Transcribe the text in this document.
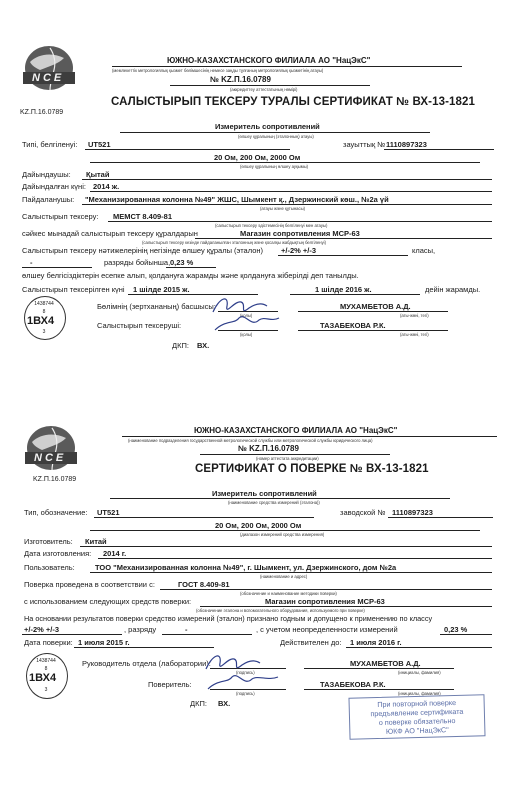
NCE
KZ.П.16.0789
ЮЖНО-КАЗАХСТАНСКОГО ФИЛИАЛА АО "НацЭкС"
(мемлекеттік метрологиялық қызмет бөлімшесінің немесе заңды тұлғаның метрологиялық қызметінің атауы)
№ KZ.П.16.0789
(аккредиттеу аттестатының нөмірі)
САЛЫСТЫРЫП ТЕКСЕРУ ТУРАЛЫ СЕРТИФИКАТ № ВХ-13-1821
Измеритель сопротивлений
(өлшеу құралының (эталонның) атауы)
Типі, белгіленуі: UT521	зауыттық № 1110897323
20 Ом, 200 Ом, 2000 Ом
(өлшеу құралының өлшеу ауқымы)
Дайындаушы: Қытай
Дайындалған күні: 2014 ж.
Пайдаланушы: "Механизированная колонна №49" ЖШС, Шымкент қ., Дзержинский көш., №2а үй
(атауы және құтынасы)
Салыстырып тексеру: МЕМСТ 8.409-81
(салыстырып тексеру әдістемесінің белгіленуі мен атауы)
сәйкес мынадай салыстырып тексеру құралдарын	Магазин сопротивления МСР-63
(салыстырып тексеру кезінде пайдаланылған эталонның және қосалқы жабдықтың белгіленуі)
Салыстырып тексеру нәтижелерінің негізінде өлшеу құралы (эталон) +/-2% +/-3	класы,
-	разряды бойынша, 0,23 %
өлшеу белгісіздіктерін есепке алып, қолдануға жарамды және қолдануға жіберілді деп танылды.
Салыстырып тексерілген күні 1 шілде 2015 ж.	1 шілде 2016 ж.	дейін жарамды.
1438744
8
1ВХ4
3
Бөлімнің (зертхананың) басшысы:
(қолы)
МУХАМБЕТОВ А.Д.
(аты-жөні, тегі)
Салыстырып тексеруші:
(қолы)
ТАЗАБЕКОВА Р.К.
(аты-жөні, тегі)
ДКП: ВХ.
NCE
KZ.П.16.0789
ЮЖНО-КАЗАХСТАНСКОГО ФИЛИАЛА АО "НацЭкС"
(наименование подразделения государственной метрологической службы или метрологической службы юридического лица)
№ KZ.П.16.0789
(номер аттестата аккредитации)
СЕРТИФИКАТ О ПОВЕРКЕ № ВХ-13-1821
Измеритель сопротивлений
(наименование средства измерений (эталона))
Тип, обозначение: UT521	заводской № 1110897323
20 Ом, 200 Ом, 2000 Ом
(диапазон измерений средства измерения)
Изготовитель: Китай
Дата изготовления: 2014 г.
Пользователь:	ТОО "Механизированная колонна №49", г. Шымкент, ул. Дзержинского, дом №2а
(наименование и адрес)
Поверка проведена в соответствии с:	ГОСТ 8.409-81
(обозначение и наименование методики поверки)
с использованием следующих средств поверки:	Магазин сопротивления МСР-63
(обозначение эталона и вспомогательного оборудования, используемого при поверке)
На основании результатов поверки средство измерений (эталон) признано годным и допущено к применению по классу
+/-2% +/-3	, разряду	-	, с учетом неопределенности измерений	0,23 %
Дата поверки: 1 июля 2015 г.	Действителен до: 1 июля 2016 г.
1438744
8
1ВХ4
3
Руководитель отдела (лаборатории):
(подпись)
МУХАМБЕТОВ А.Д.
(инициалы, фамилия)
Поверитель:
(подпись)
ТАЗАБЕКОВА Р.К.
(инициалы, фамилия)
ДКП: ВХ.	При повторной поверке
предъявление сертификата
о поверке обязательно
ЮКФ АО "НацЭкС"
